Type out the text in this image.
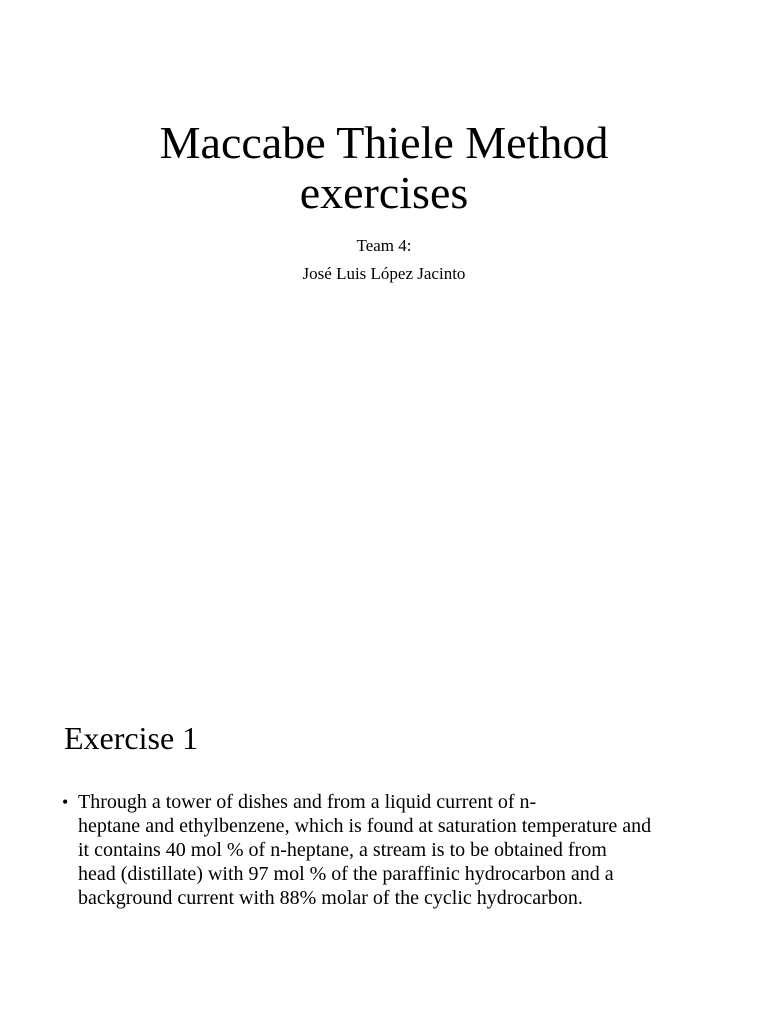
Maccabe Thiele Method
exercises
Team 4:
José Luis López Jacinto
Exercise 1
• Through a tower of dishes and from a liquid current of n-
heptane and ethylbenzene, which is found at saturation temperature and
it contains 40 mol % of n-heptane, a stream is to be obtained from
head (distillate) with 97 mol % of the paraffinic hydrocarbon and a
background current with 88% molar of the cyclic hydrocarbon.
